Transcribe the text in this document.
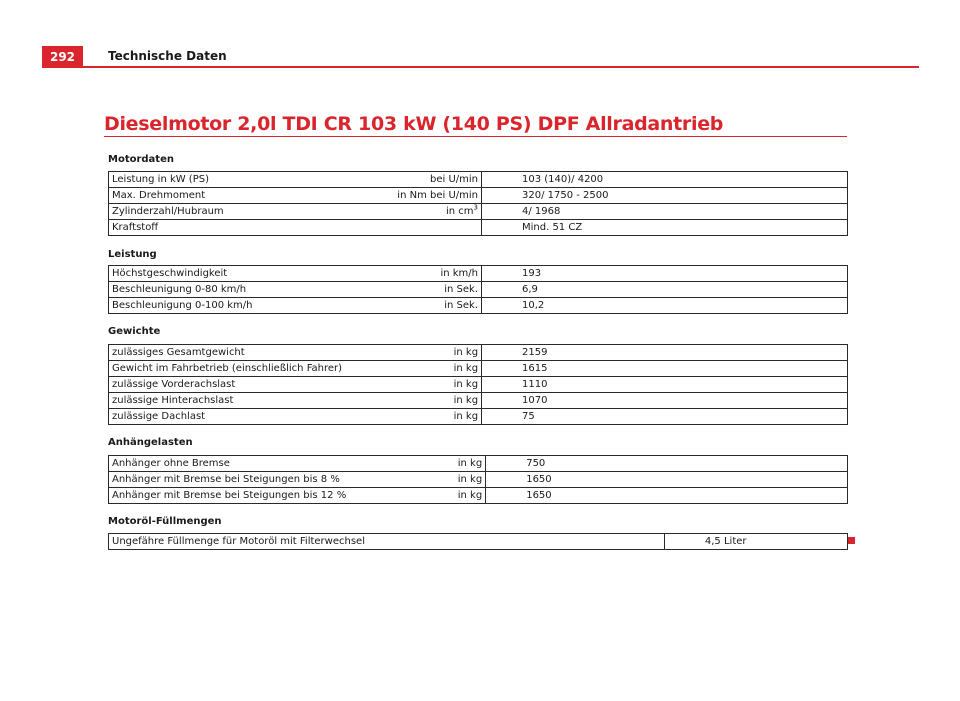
292	Technische Daten
Dieselmotor 2,0l TDI CR 103 kW (140 PS) DPF Allradantrieb
Motordaten
Leistung in kW (PS)	bei U/min	103 (140)/ 4200
Max. Drehmoment	in Nm bei U/min	320/ 1750 - 2500
Zylinderzahl/Hubraum	in $cm^3$	4/ 1968
Kraftstoff		Mind. 51 CZ
Leistung
Höchstgeschwindigkeit	in km/h	193
Beschleunigung 0-80 km/h	in Sek.	6,9
Beschleunigung 0-100 km/h	in Sek.	10,2
Gewichte
zulässiges Gesamtgewicht	in kg	2159
Gewicht im Fahrbetrieb (einschließlich Fahrer)	in kg	1615
zulässige Vorderachslast	in kg	1110
zulässige Hinterachslast	in kg	1070
zulässige Dachlast	in kg	75
Anhängelasten
Anhänger ohne Bremse	in kg	750
Anhänger mit Bremse bei Steigungen bis 8 %	in kg	1650
Anhänger mit Bremse bei Steigungen bis 12 %	in kg	1650
Motoröl-Füllmengen
Ungefähre Füllmenge für Motoröl mit Filterwechsel	4,5 Liter
